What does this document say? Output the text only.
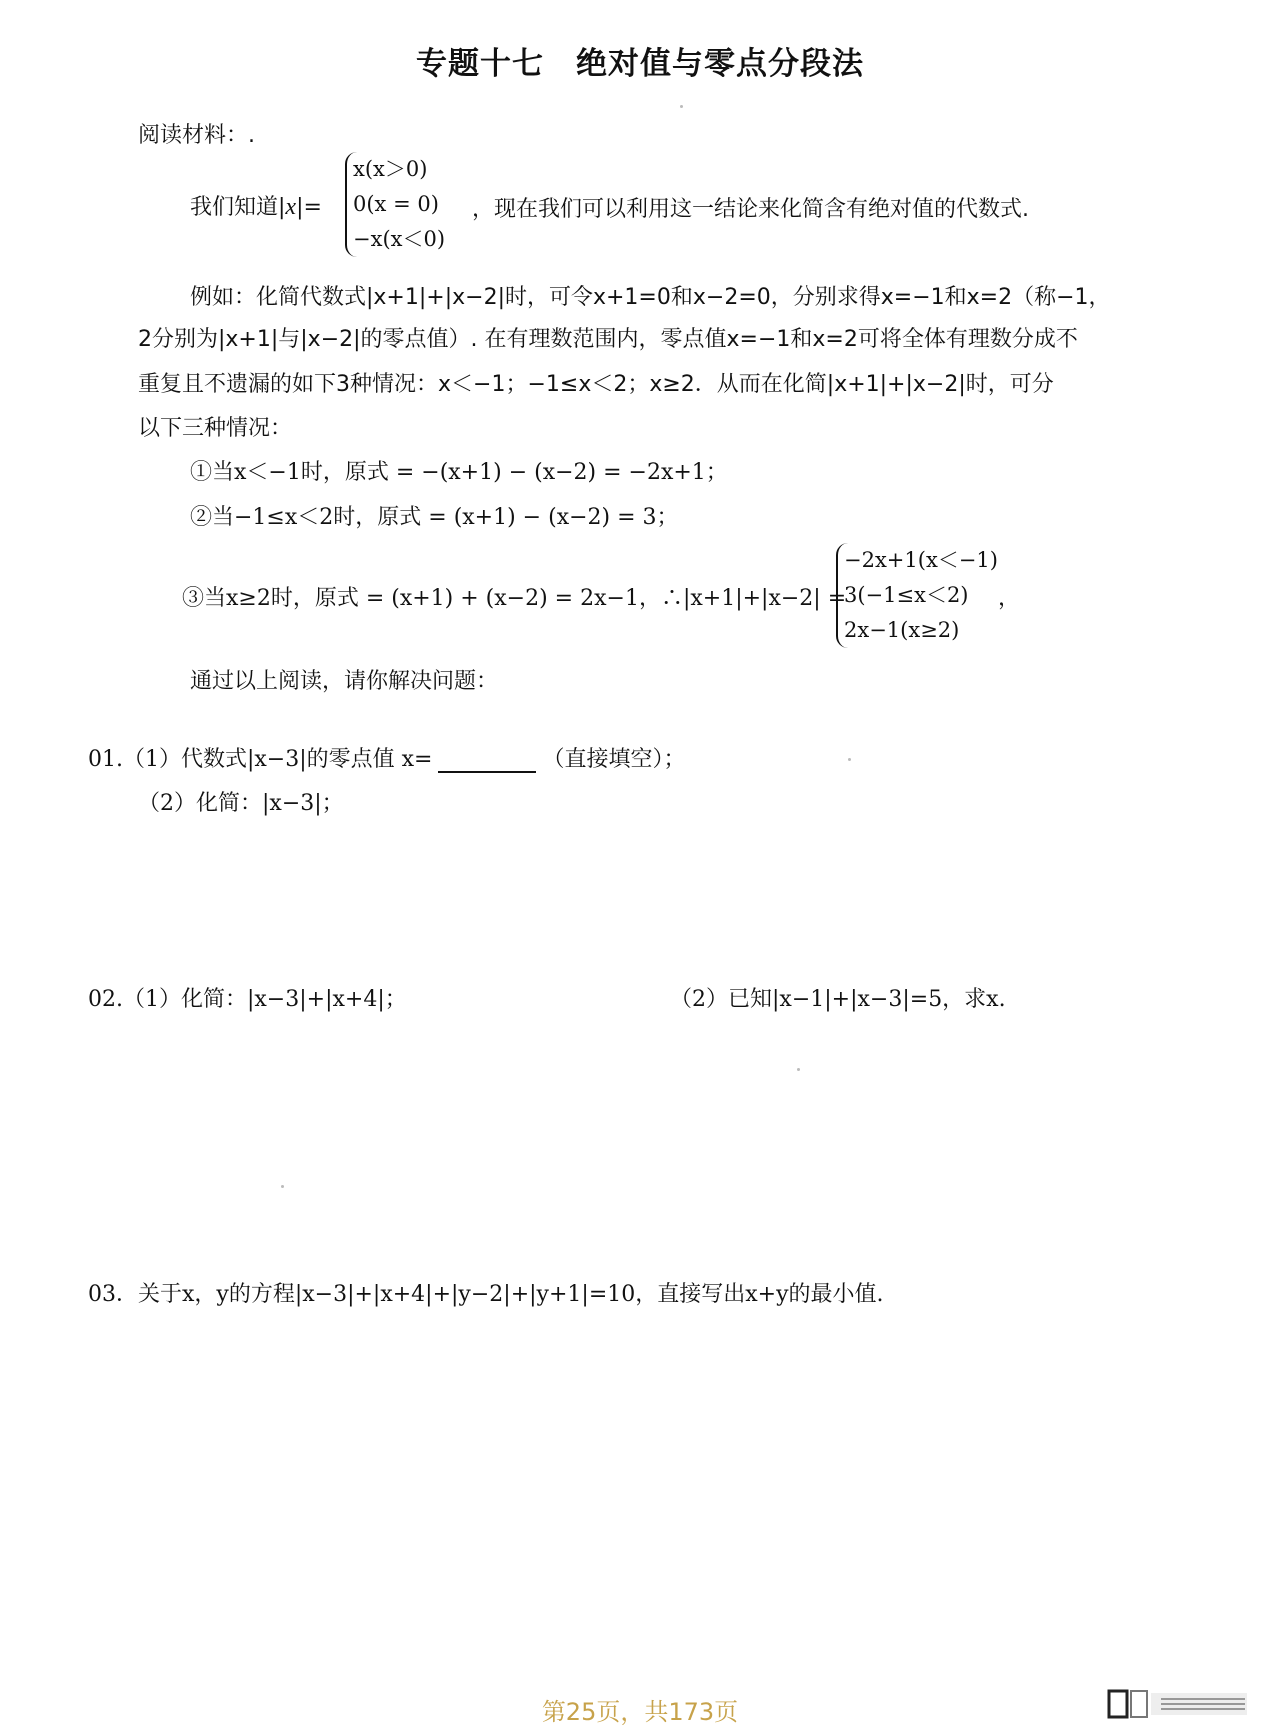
专题十七　绝对值与零点分段法
阅读材料：.
我们知道|x|=
x(x＞0)
0(x = 0)
−x(x＜0)
，现在我们可以利用这一结论来化简含有绝对值的代数式.
例如：化简代数式|x+1|+|x−2|时，可令x+1=0和x−2=0，分别求得x=−1和x=2（称−1，
2分别为|x+1|与|x−2|的零点值）. 在有理数范围内，零点值x=−1和x=2可将全体有理数分成不
重复且不遗漏的如下3种情况：x＜−1；−1≤x＜2；x≥2．从而在化简|x+1|+|x−2|时，可分
以下三种情况：
①当x＜−1时，原式 = −(x+1) − (x−2) = −2x+1；
②当−1≤x＜2时，原式 = (x+1) − (x−2) = 3；
③当x≥2时，原式 = (x+1) + (x−2) = 2x−1，∴|x+1|+|x−2| =
−2x+1(x＜−1)
3(−1≤x＜2)
2x−1(x≥2)
，
通过以上阅读，请你解决问题：
01.（1）代数式|x−3|的零点值 x=	（直接填空）；
（2）化简：|x−3|；
02.（1）化简：|x−3|+|x+4|；	（2）已知|x−1|+|x−3|=5，求x.
03．关于x，y的方程|x−3|+|x+4|+|y−2|+|y+1|=10，直接写出x+y的最小值.
第25页，共173页
